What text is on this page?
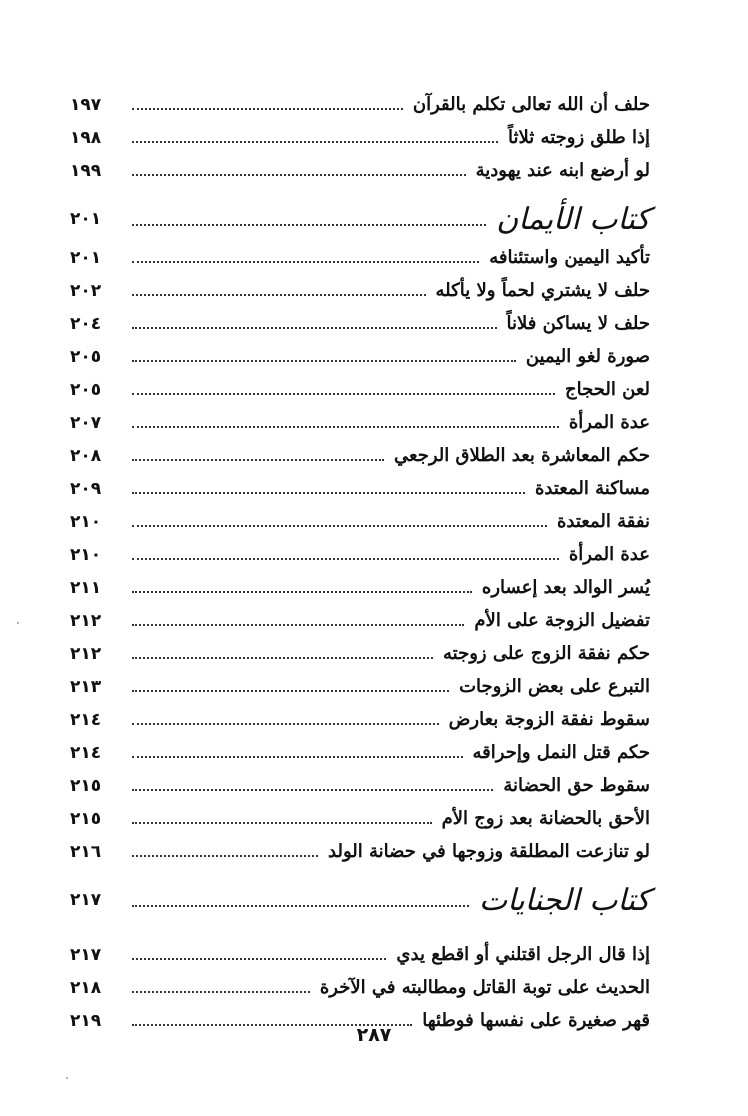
حلف أن الله تعالى تكلم بالقرآن
١٩٧
إذا طلق زوجته ثلاثاً
١٩٨
لو أرضع ابنه عند يهودية
١٩٩
كتاب الأيمان
٢٠١
تأكيد اليمين واستئنافه
٢٠١
حلف لا يشتري لحماً ولا يأكله
٢٠٢
حلف لا يساكن فلاناً
٢٠٤
صورة لغو اليمين
٢٠٥
لعن الحجاج
٢٠٥
عدة المرأة
٢٠٧
حكم المعاشرة بعد الطلاق الرجعي
٢٠٨
مساكنة المعتدة
٢٠٩
نفقة المعتدة
٢١٠
عدة المرأة
٢١٠
يُسر الوالد بعد إعساره
٢١١
تفضيل الزوجة على الأم
٢١٢
حكم نفقة الزوج على زوجته
٢١٢
التبرع على بعض الزوجات
٢١٣
سقوط نفقة الزوجة بعارض
٢١٤
حكم قتل النمل وإحراقه
٢١٤
سقوط حق الحضانة
٢١٥
الأحق بالحضانة بعد زوج الأم
٢١٥
لو تنازعت المطلقة وزوجها في حضانة الولد
٢١٦
كتاب الجنايات
٢١٧
إذا قال الرجل اقتلني أو اقطع يدي
٢١٧
الحديث على توبة القاتل ومطالبته في الآخرة
٢١٨
قهر صغيرة على نفسها فوطئها
٢١٩
٢٨٧
